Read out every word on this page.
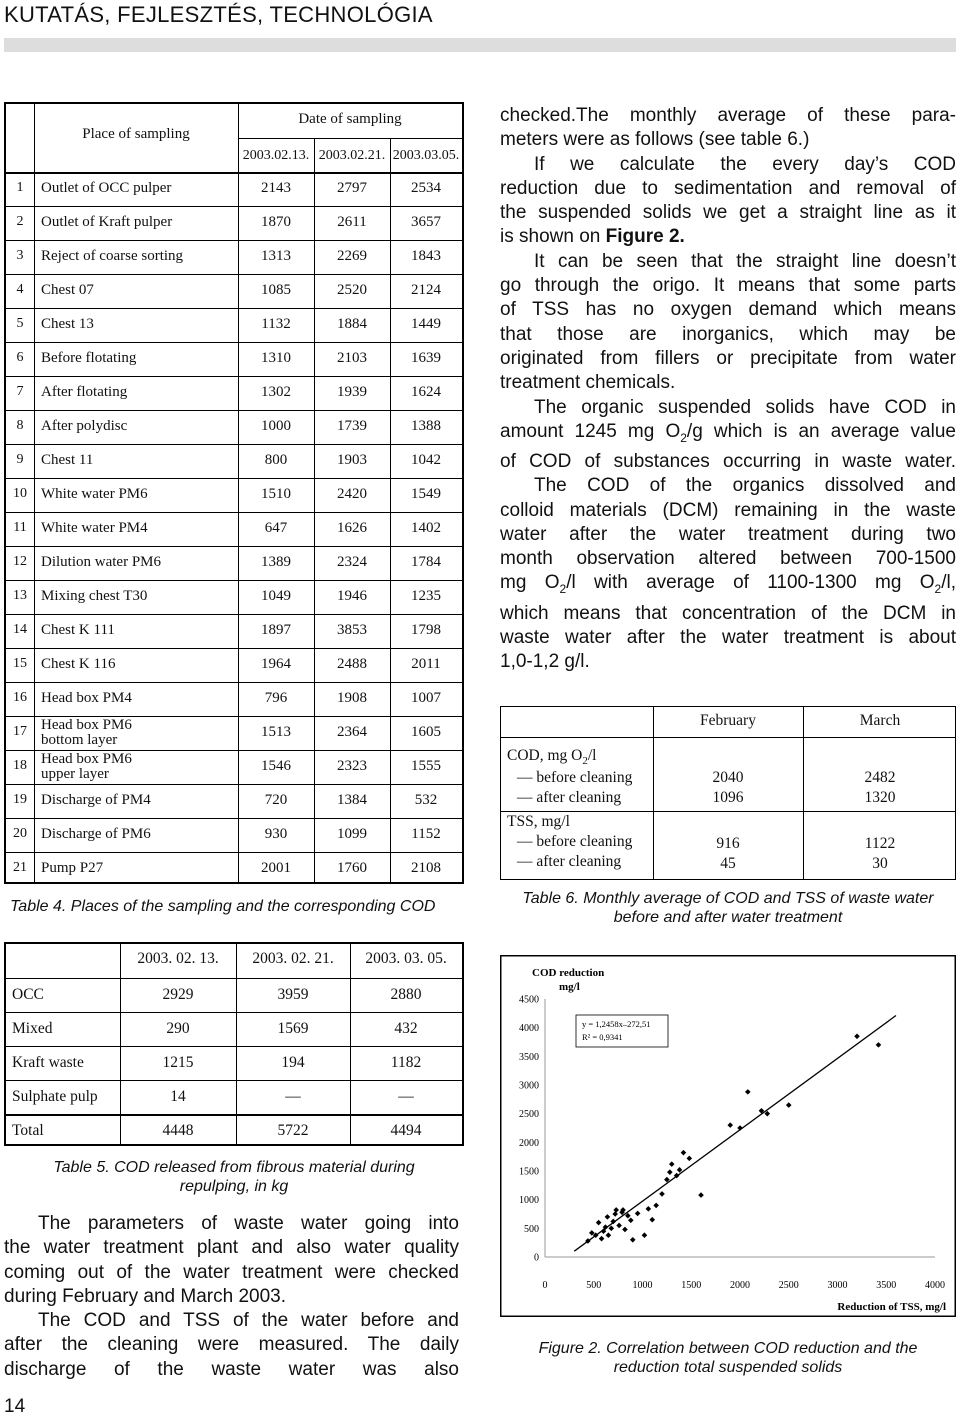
KUTATÁS, FEJLESZTÉS, TECHNOLÓGIA
Place of sampling
Date of sampling
2003.02.13. 2003.02.21. 2003.03.05.
1	Outlet of OCC pulper	2143	2797	2534
2	Outlet of Kraft pulper	1870	2611	3657
3	Reject of coarse sorting	1313	2269	1843
4	Chest 07	1085	2520	2124
5	Chest 13	1132	1884	1449
6	Before flotating	1310	2103	1639
7	After flotating	1302	1939	1624
8	After polydisc	1000	1739	1388
9	Chest 11	800	1903	1042
10 White water PM6	1510	2420	1549
11 White water PM4	647	1626	1402
12 Dilution water PM6	1389	2324	1784
13 Mixing chest T30	1049	1946	1235
14 Chest K 111	1897	3853	1798
15 Chest K 116	1964	2488	2011
16 Head box PM4	796	1908	1007
17 Head box PM6
bottom layer	1513	2364	1605
18 Head box PM6
upper layer	1546	2323	1555
19 Discharge of PM4	720	1384	532
20 Discharge of PM6	930	1099	1152
21 Pump P27	2001	1760	2108
Table 4. Places of the sampling and the corresponding COD
2003. 02. 13.	2003. 02. 21.	2003. 03. 05.
OCC	2929	3959	2880
Mixed	290	1569	432
Kraft waste	1215	194	1182
Sulphate pulp	14	—	—
Total	4448	5722	4494
Table 5. COD released from fibrous material during
repulping, in kg
The parameters of waste water going into
the water treatment plant and also water quality
coming out of the water treatment were checked
during February and March 2003.
The COD and TSS of the water before and
after the cleaning were measured. The daily
discharge of the waste water was also
checked.The monthly average of these para-
meters were as follows (see table 6.)
If we calculate the every day’s COD
reduction due to sedimentation and removal of
the suspended solids we get a straight line as it
is shown on Figure 2.
It can be seen that the straight line doesn’t
go through the origo. It means that some parts
of TSS has no oxygen demand which means
that those are inorganics, which may be
originated from fillers or precipitate from water
treatment chemicals.
The organic suspended solids have COD in
amount 1245 mg $O_2/g$ which is an average value
of COD of substances occurring in waste water.
The COD of the organics dissolved and
colloid materials (DCM) remaining in the waste
water after the water treatment during two
month observation altered between 700-1500
mg $O_2/l$ with average of 1100-1300 mg $O_2/l$,
which means that concentration of the DCM in
waste water after the water treatment is about
1,0-1,2 g/l.
February	March
COD, mg $O_2/l$
— before cleaning
— after cleaning
2040	2482
1096	1320
TSS, mg/l
— before cleaning
— after cleaning
916	1122
45	30
Table 6. Monthly average of COD and TSS of waste water
before and after water treatment
0
500
1000
1500
2000
2500
3000
3500
4000
4500
0	500	1000	1500	2000	2500	3000	3500	4000
COD reduction
mg/l
Reduction of TSS, mg/l
y = 1,2458x–272,51
R² = 0,9341
Figure 2. Correlation between COD reduction and the
reduction total suspended solids
14
